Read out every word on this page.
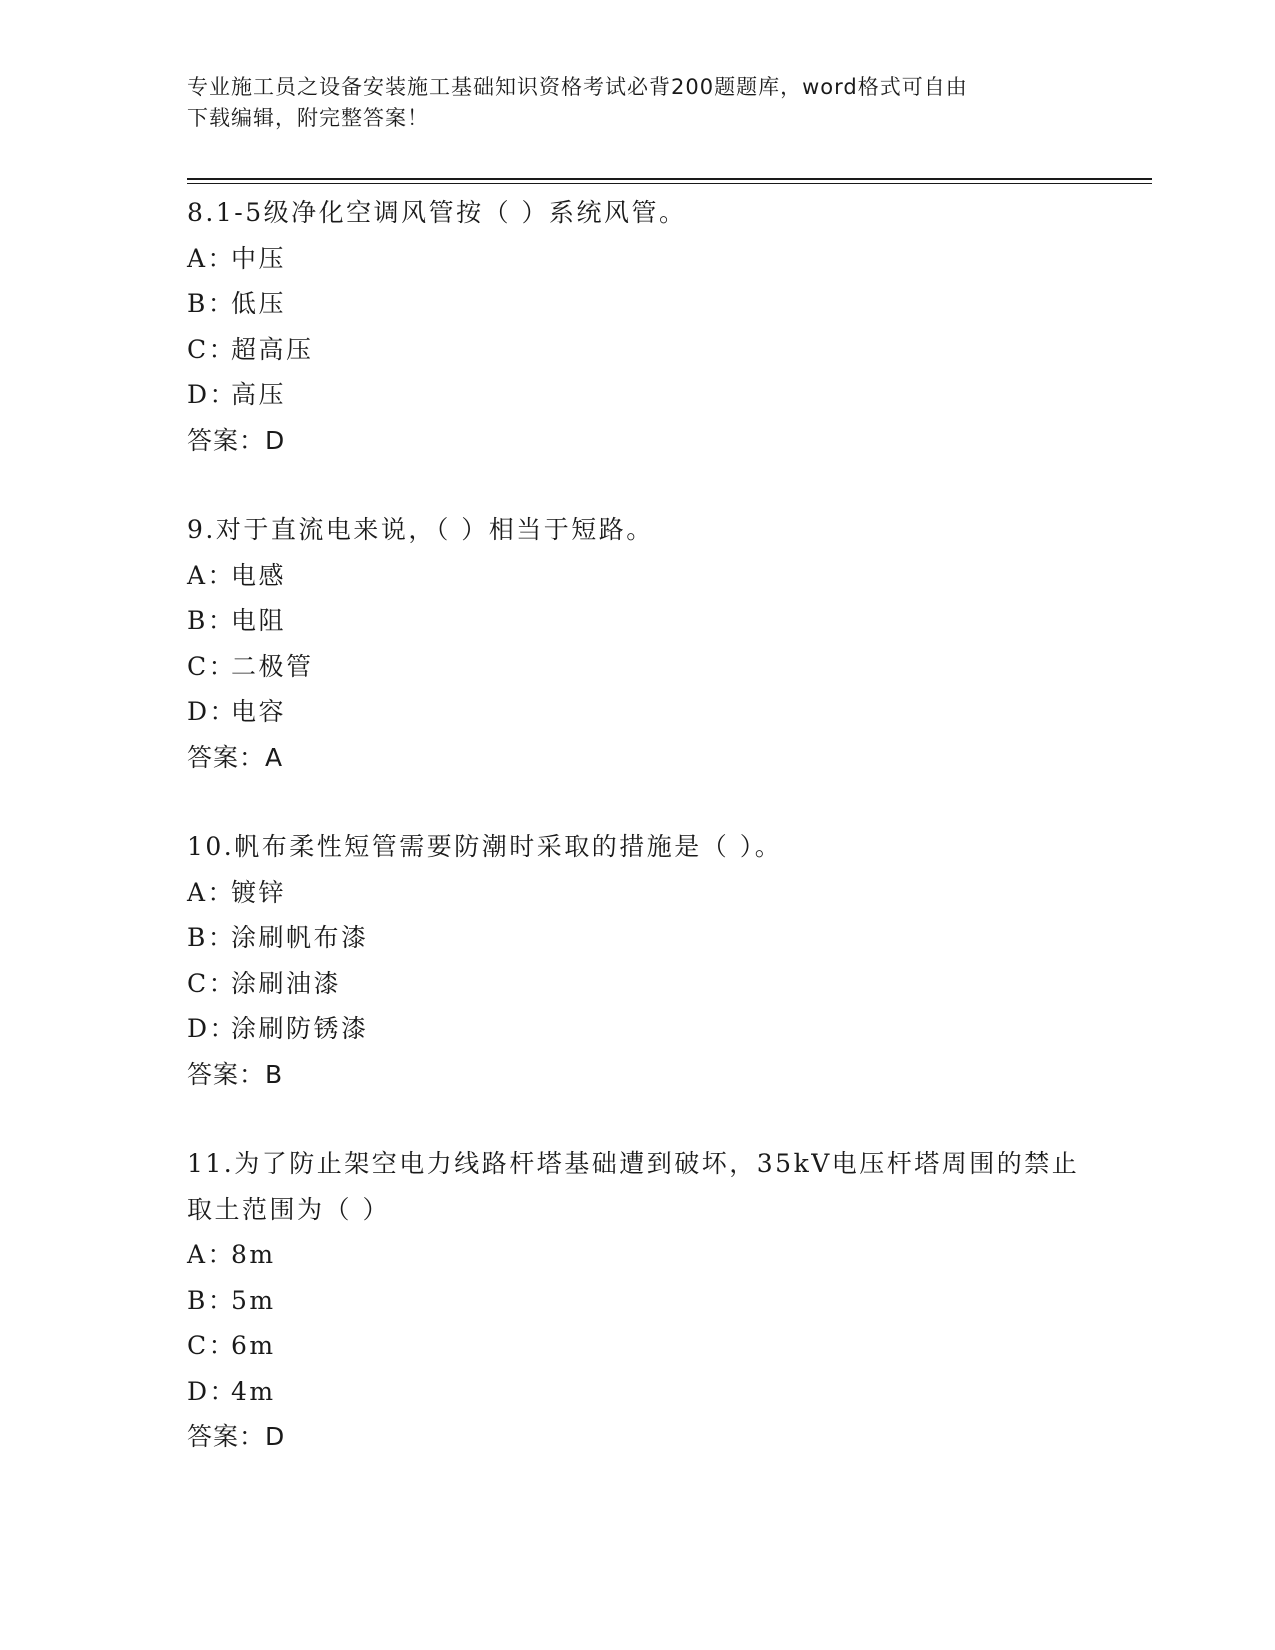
专业施工员之设备安装施工基础知识资格考试必背200题题库，word格式可自由
下载编辑，附完整答案！
8.1-5级净化空调风管按（ ）系统风管。
A：中压
B：低压
C：超高压
D：高压
答案：D
9.对于直流电来说，（ ）相当于短路。
A：电感
B：电阻
C：二极管
D：电容
答案：A
10.帆布柔性短管需要防潮时采取的措施是（ ）。
A：镀锌
B：涂刷帆布漆
C：涂刷油漆
D：涂刷防锈漆
答案：B
11.为了防止架空电力线路杆塔基础遭到破坏，35kV电压杆塔周围的禁止取土范围为（ ）
A：8m
B：5m
C：6m
D：4m
答案：D
